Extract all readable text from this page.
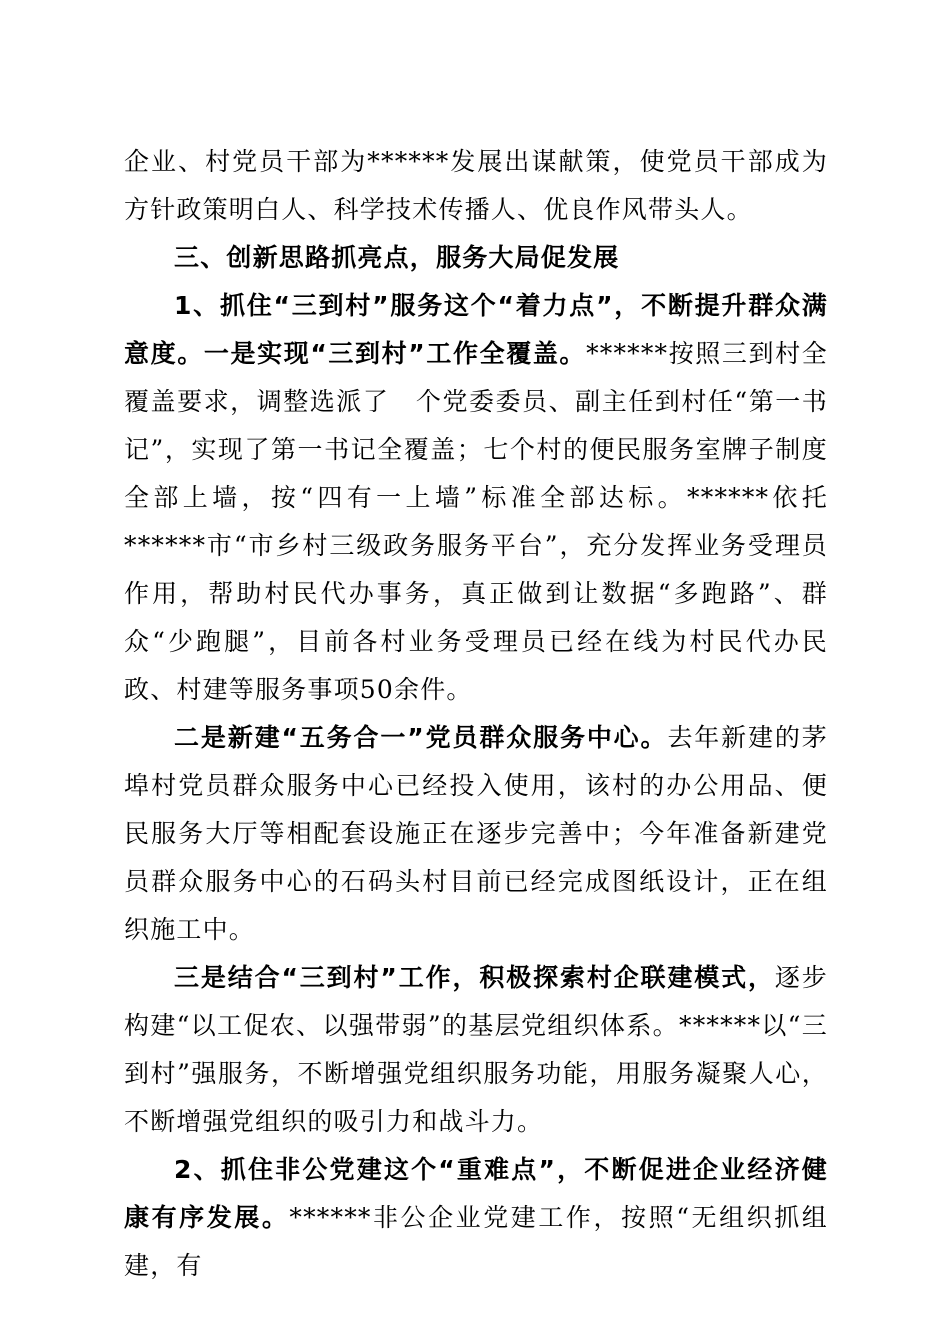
企业、村党员干部为******发展出谋献策，使党员干部成为方针政策明白人、科学技术传播人、优良作风带头人。

三、创新思路抓亮点，服务大局促发展

1、抓住“三到村”服务这个“着力点”，不断提升群众满意度。一是实现“三到村”工作全覆盖。******按照三到村全覆盖要求，调整选派了　个党委委员、副主任到村任“第一书记”，实现了第一书记全覆盖；七个村的便民服务室牌子制度全部上墙，按“四有一上墙”标准全部达标。******依托******市“市乡村三级政务服务平台”，充分发挥业务受理员作用，帮助村民代办事务，真正做到让数据“多跑路”、群众“少跑腿”，目前各村业务受理员已经在线为村民代办民政、村建等服务事项50余件。

二是新建“五务合一”党员群众服务中心。去年新建的茅埠村党员群众服务中心已经投入使用，该村的办公用品、便民服务大厅等相配套设施正在逐步完善中；今年准备新建党员群众服务中心的石码头村目前已经完成图纸设计，正在组织施工中。

三是结合“三到村”工作，积极探索村企联建模式，逐步构建“以工促农、以强带弱”的基层党组织体系。******以“三到村”强服务，不断增强党组织服务功能，用服务凝聚人心，不断增强党组织的吸引力和战斗力。

2、抓住非公党建这个“重难点”，不断促进企业经济健康有序发展。******非公企业党建工作，按照“无组织抓组建，有
